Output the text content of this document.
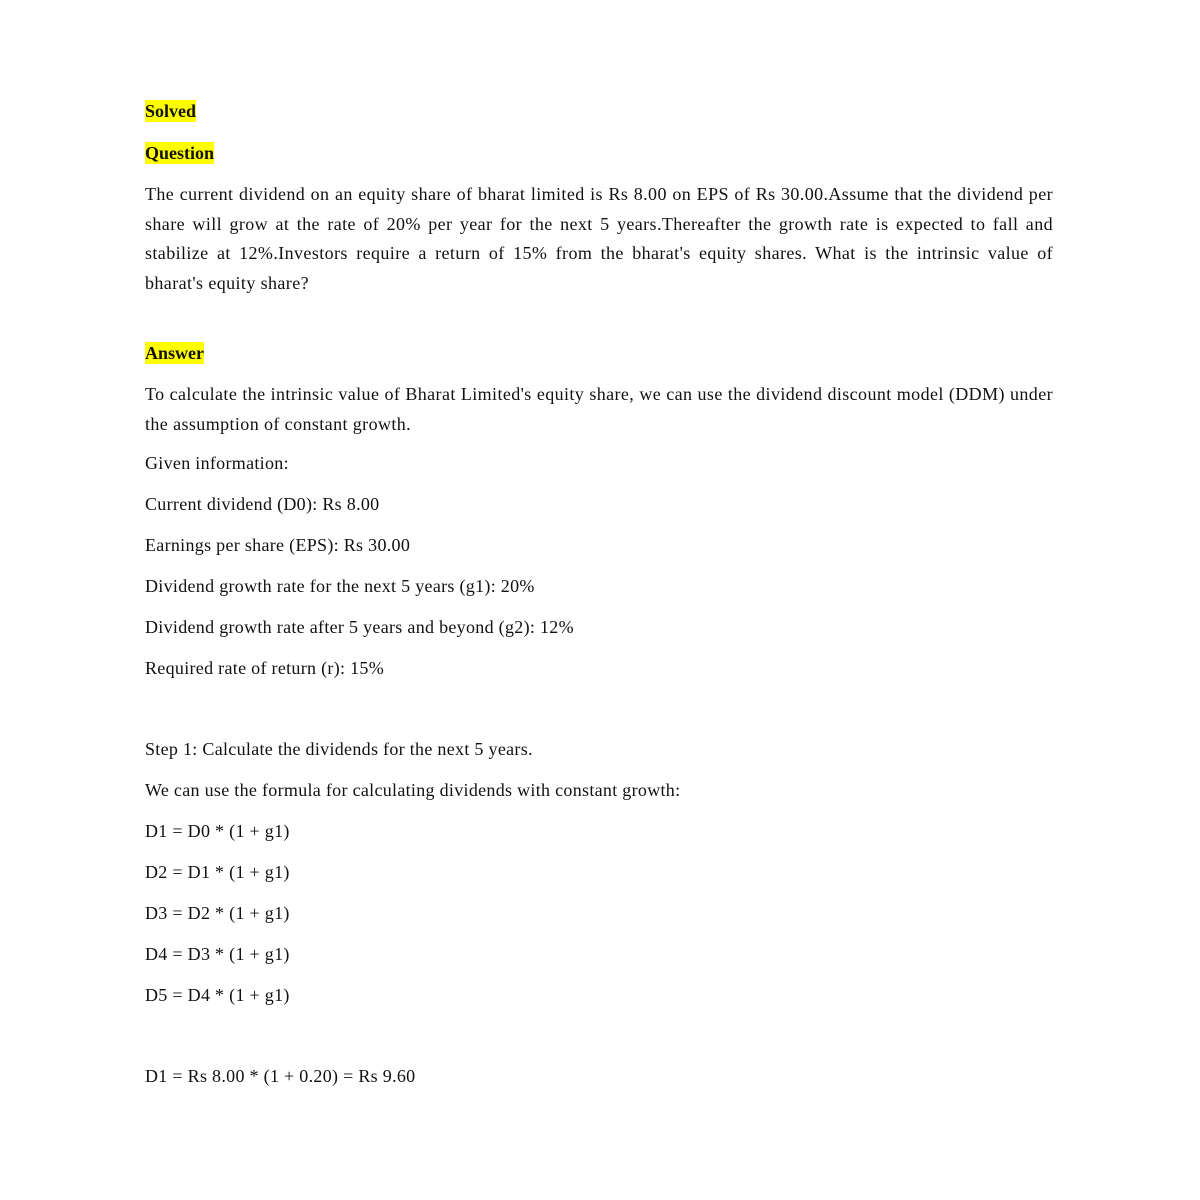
Solved
Question

The current dividend on an equity share of bharat limited is Rs 8.00 on EPS of Rs 30.00.Assume that the dividend per share will grow at the rate of 20% per year for the next 5 years.Thereafter the growth rate is expected to fall and stabilize at 12%.Investors require a return of 15% from the bharat's equity shares. What is the intrinsic value of bharat's equity share?

Answer

To calculate the intrinsic value of Bharat Limited's equity share, we can use the dividend discount model (DDM) under the assumption of constant growth.

Given information:

Current dividend (D0): Rs 8.00

Earnings per share (EPS): Rs 30.00

Dividend growth rate for the next 5 years (g1): 20%

Dividend growth rate after 5 years and beyond (g2): 12%

Required rate of return (r): 15%

Step 1: Calculate the dividends for the next 5 years.

We can use the formula for calculating dividends with constant growth:

D1 = D0 * (1 + g1)

D2 = D1 * (1 + g1)

D3 = D2 * (1 + g1)

D4 = D3 * (1 + g1)

D5 = D4 * (1 + g1)

D1 = Rs 8.00 * (1 + 0.20) = Rs 9.60
